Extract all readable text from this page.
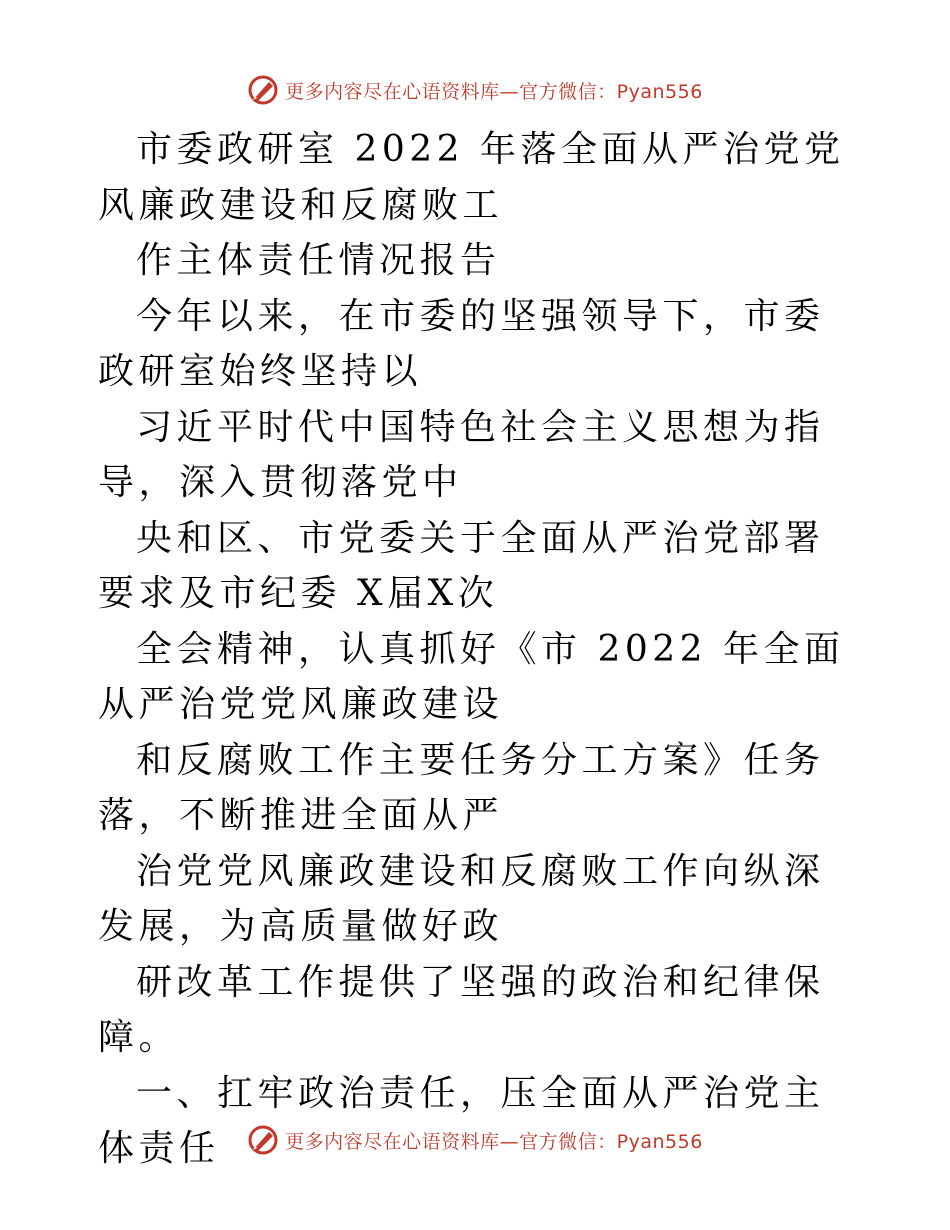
更多内容尽在心语资料库—官方微信：Pyan556

市委政研室 2022 年落全面从严治党党风廉政建设和反腐败工

作主体责任情况报告

今年以来，在市委的坚强领导下，市委政研室始终坚持以

习近平时代中国特色社会主义思想为指导，深入贯彻落党中

央和区、市党委关于全面从严治党部署要求及市纪委 X届X次

全会精神，认真抓好《市 2022 年全面从严治党党风廉政建设

和反腐败工作主要任务分工方案》任务落，不断推进全面从严

治党党风廉政建设和反腐败工作向纵深发展，为高质量做好政

研改革工作提供了坚强的政治和纪律保障。

一、扛牢政治责任，压全面从严治党主体责任	更多内容尽在心语资料库—官方微信：Pyan556
